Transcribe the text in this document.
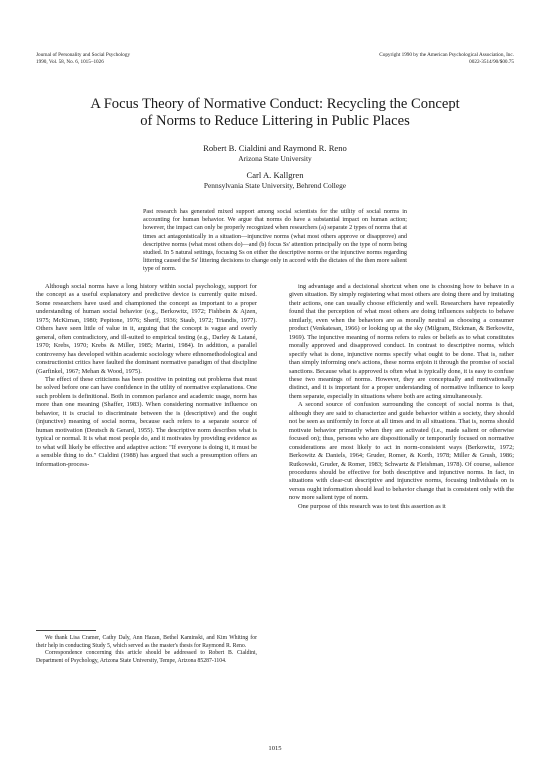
Journal of Personality and Social Psychology
1990, Vol. 58, No. 6, 1015–1026
Copyright 1990 by the American Psychological Association, Inc.
0022-3514/90/$00.75
A Focus Theory of Normative Conduct: Recycling the Concept
of Norms to Reduce Littering in Public Places
Robert B. Cialdini and Raymond R. Reno
Arizona State University
Carl A. Kallgren
Pennsylvania State University, Behrend College
Past research has generated mixed support among social scientists for the utility of social norms in accounting for human behavior. We argue that norms do have a substantial impact on human action; however, the impact can only be properly recognized when researchers (a) separate 2 types of norms that at times act antagonistically in a situation—injunctive norms (what most others approve or disapprove) and descriptive norms (what most others do)—and (b) focus Ss' attention principally on the type of norm being studied. In 5 natural settings, focusing Ss on either the descriptive norms or the injunctive norms regarding littering caused the Ss' littering decisions to change only in accord with the dictates of the then more salient type of norm.

Although social norms have a long history within social psychology, support for the concept as a useful explanatory and predictive device is currently quite mixed. Some researchers have used and championed the concept as important to a proper understanding of human social behavior (e.g., Berkowitz, 1972; Fishbein & Ajzen, 1975; McKirnan, 1980; Pepitone, 1976; Sherif, 1936; Staub, 1972; Triandis, 1977). Others have seen little of value in it, arguing that the concept is vague and overly general, often contradictory, and ill-suited to empirical testing (e.g., Darley & Latané, 1970; Krebs, 1970; Krebs & Miller, 1985; Marini, 1984). In addition, a parallel controversy has developed within academic sociology where ethnomethodological and constructionist critics have faulted the dominant normative paradigm of that discipline (Garfinkel, 1967; Mehan & Wood, 1975).

The effect of these criticisms has been positive in pointing out problems that must be solved before one can have confidence in the utility of normative explanations. One such problem is definitional. Both in common parlance and academic usage, norm has more than one meaning (Shaffer, 1983). When considering normative influence on behavior, it is crucial to discriminate between the is (descriptive) and the ought (injunctive) meaning of social norms, because each refers to a separate source of human motivation (Deutsch & Gerard, 1955). The descriptive norm describes what is typical or normal. It is what most people do, and it motivates by providing evidence as to what will likely be effective and adaptive action: "If everyone is doing it, it must be a sensible thing to do." Cialdini (1988) has argued that such a presumption offers an information-process-

ing advantage and a decisional shortcut when one is choosing how to behave in a given situation. By simply registering what most others are doing there and by imitating their actions, one can usually choose efficiently and well. Researchers have repeatedly found that the perception of what most others are doing influences subjects to behave similarly, even when the behaviors are as morally neutral as choosing a consumer product (Venkatesan, 1966) or looking up at the sky (Milgram, Bickman, & Berkowitz, 1969). The injunctive meaning of norms refers to rules or beliefs as to what constitutes morally approved and disapproved conduct. In contrast to descriptive norms, which specify what is done, injunctive norms specify what ought to be done. That is, rather than simply informing one's actions, these norms enjoin it through the promise of social sanctions. Because what is approved is often what is typically done, it is easy to confuse these two meanings of norms. However, they are conceptually and motivationally distinct, and it is important for a proper understanding of normative influence to keep them separate, especially in situations where both are acting simultaneously.

A second source of confusion surrounding the concept of social norms is that, although they are said to characterize and guide behavior within a society, they should not be seen as uniformly in force at all times and in all situations. That is, norms should motivate behavior primarily when they are activated (i.e., made salient or otherwise focused on); thus, persons who are dispositionally or temporarily focused on normative considerations are most likely to act in norm-consistent ways (Berkowitz, 1972; Berkowitz & Daniels, 1964; Gruder, Romer, & Korth, 1978; Miller & Grush, 1986; Rutkowski, Gruder, & Romer, 1983; Schwartz & Fleishman, 1978). Of course, salience procedures should be effective for both descriptive and injunctive norms. In fact, in situations with clear-cut descriptive and injunctive norms, focusing individuals on is versus ought information should lead to behavior change that is consistent only with the now more salient type of norm.

One purpose of this research was to test this assertion as it

We thank Lisa Cramer, Cathy Daly, Ann Hazan, Bethel Kaminski, and Kim Whiting for their help in conducting Study 5, which served as the master's thesis for Raymond R. Reno.

Correspondence concerning this article should be addressed to Robert B. Cialdini, Department of Psychology, Arizona State University, Tempe, Arizona 85287-1104.

1015
